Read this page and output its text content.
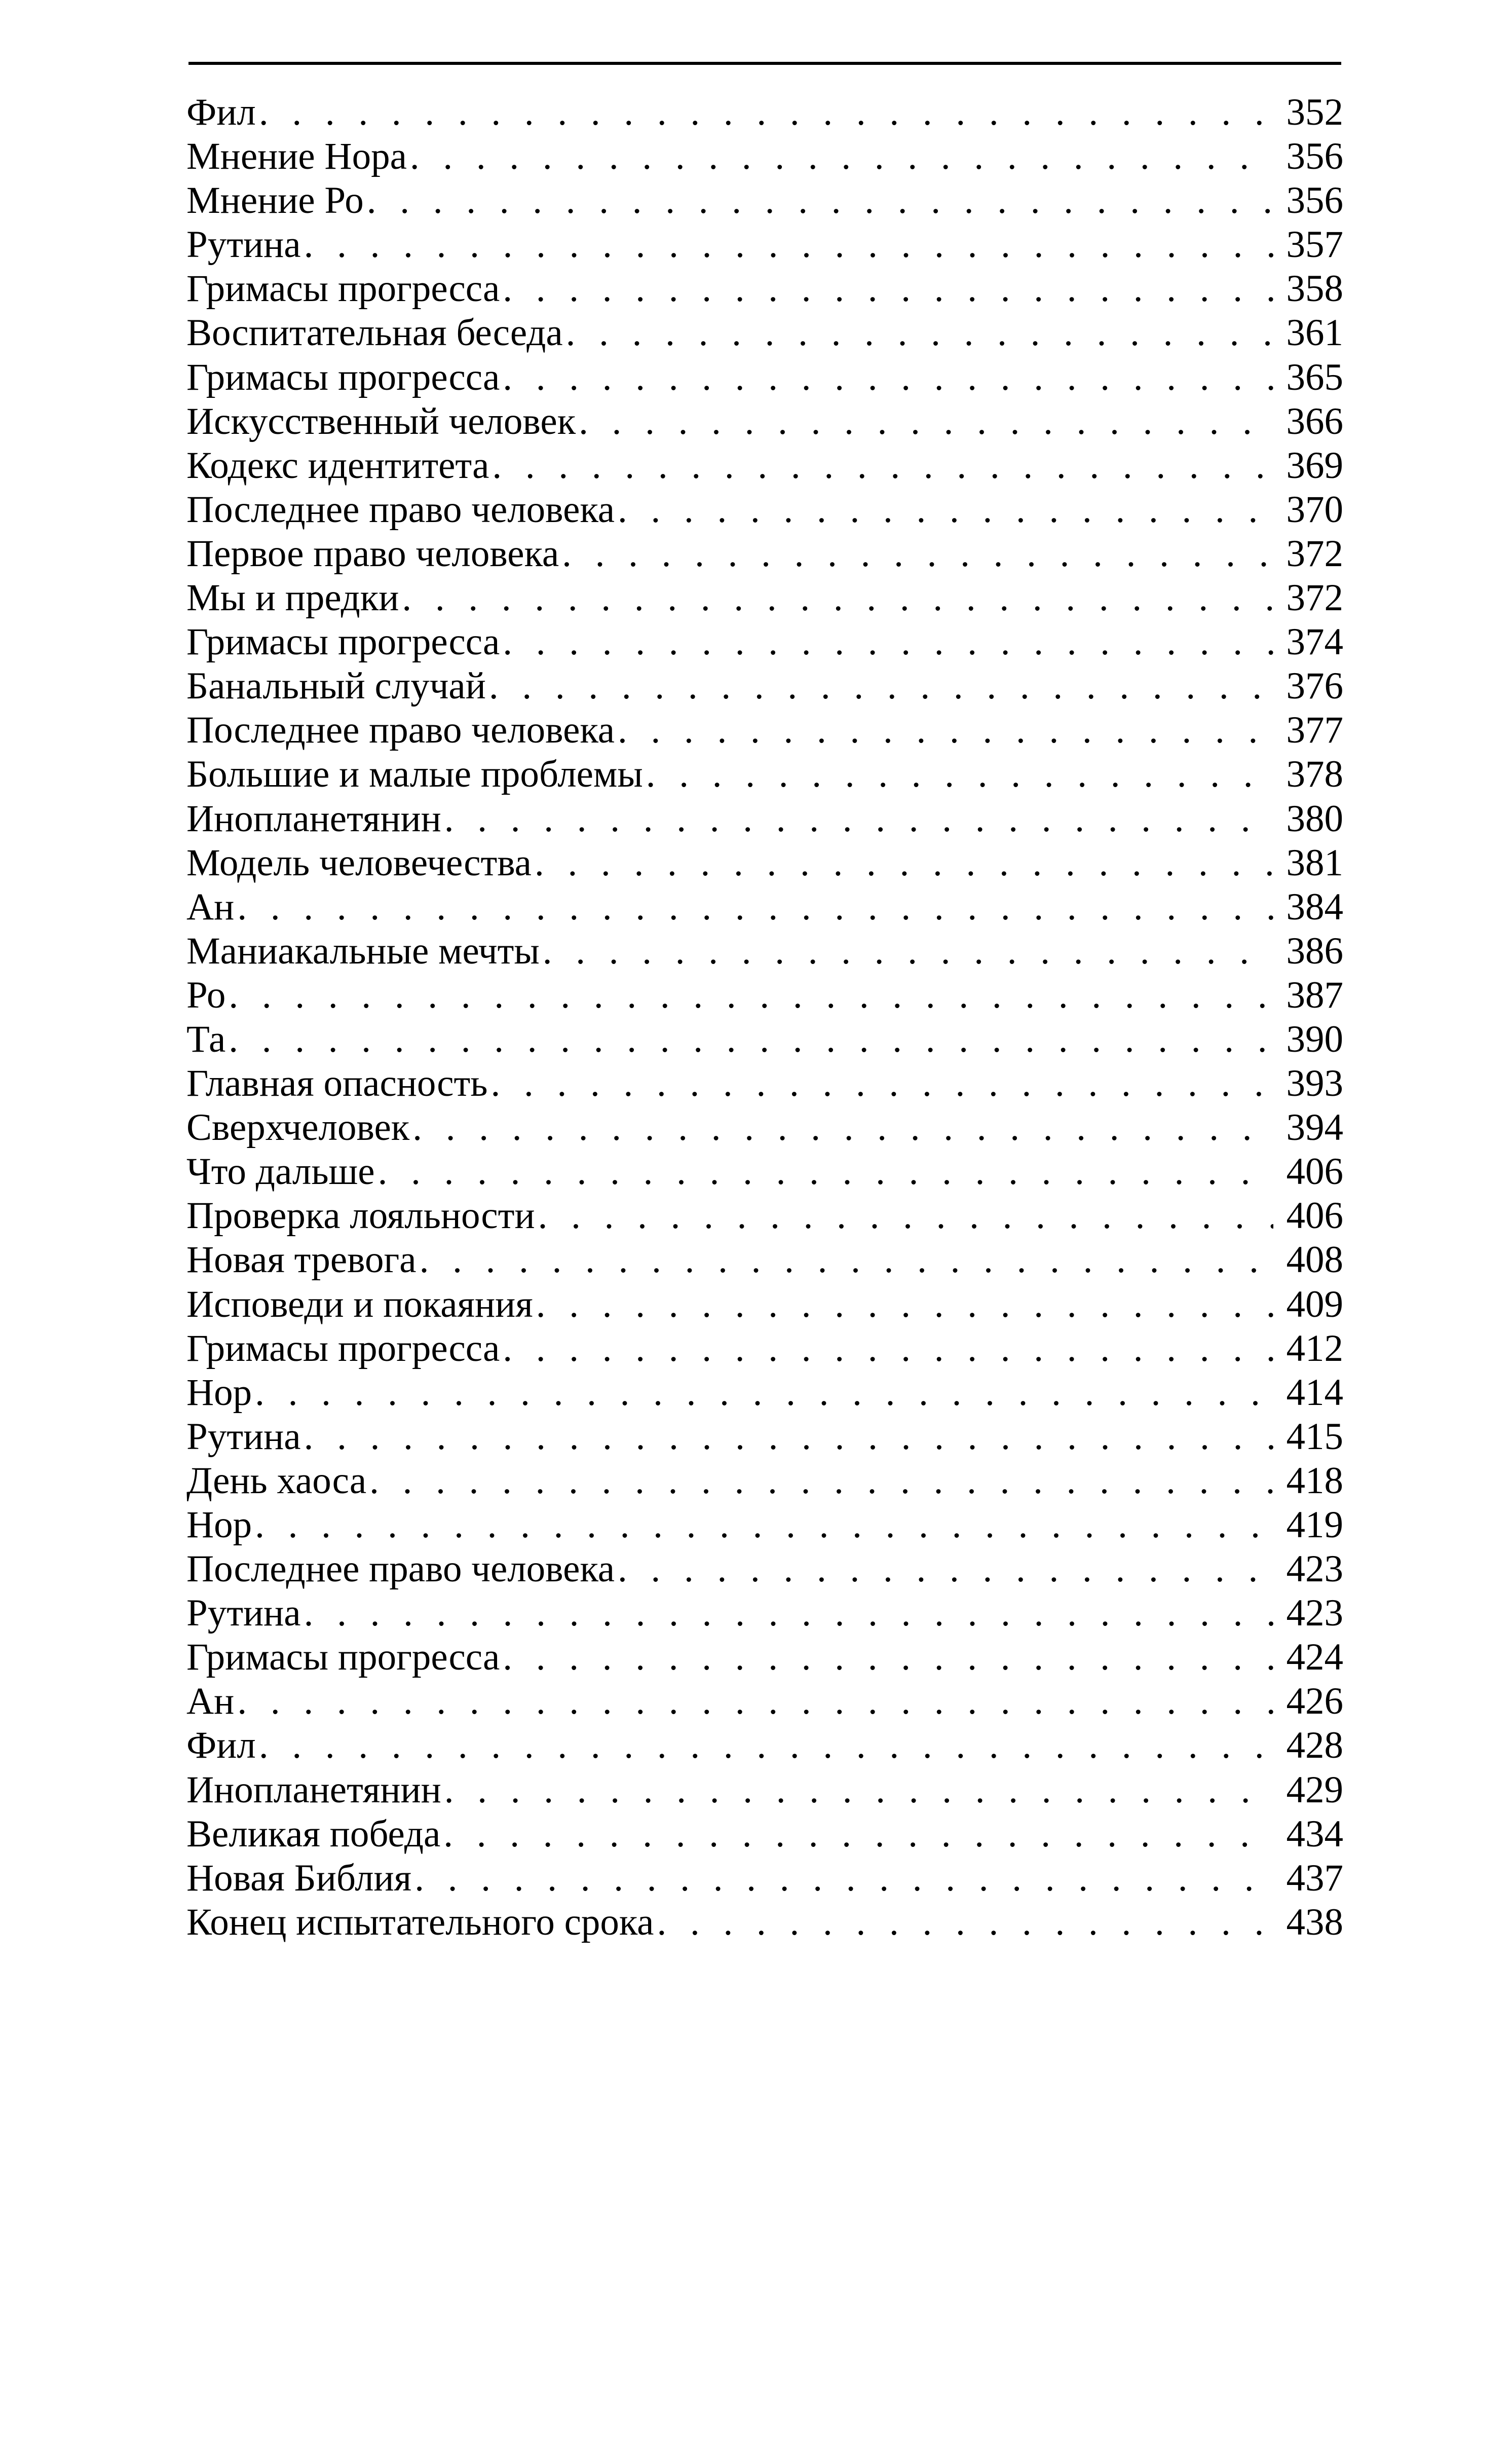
Фил . . .	352
Мнение Нора . . .	356
Мнение Ро . . .	356
Рутина . . .	357
Гримасы прогресса . . .	358
Воспитательная беседа . . .	361
Гримасы прогресса . . .	365
Искусственный человек . . .	366
Кодекс идентитета . . .	369
Последнее право человека . . .	370
Первое право человека . . .	372
Мы и предки . . .	372
Гримасы прогресса . . .	374
Банальный случай . . .	376
Последнее право человека . . .	377
Большие и малые проблемы . . .	378
Инопланетянин . . .	380
Модель человечества . . .	381
Ан . . .	384
Маниакальные мечты . . .	386
Ро . . .	387
Та . . .	390
Главная опасность . . .	393
Сверхчеловек . . .	394
Что дальше . . .	406
Проверка лояльности . . .	406
Новая тревога . . .	408
Исповеди и покаяния . . .	409
Гримасы прогресса . . .	412
Нор . . .	414
Рутина . . .	415
День хаоса . . .	418
Нор . . .	419
Последнее право человека . . .	423
Рутина . . .	423
Гримасы прогресса . . .	424
Ан . . .	426
Фил . . .	428
Инопланетянин . . .	429
Великая победа . . .	434
Новая Библия . . .	437
Конец испытательного срока . . .	438
